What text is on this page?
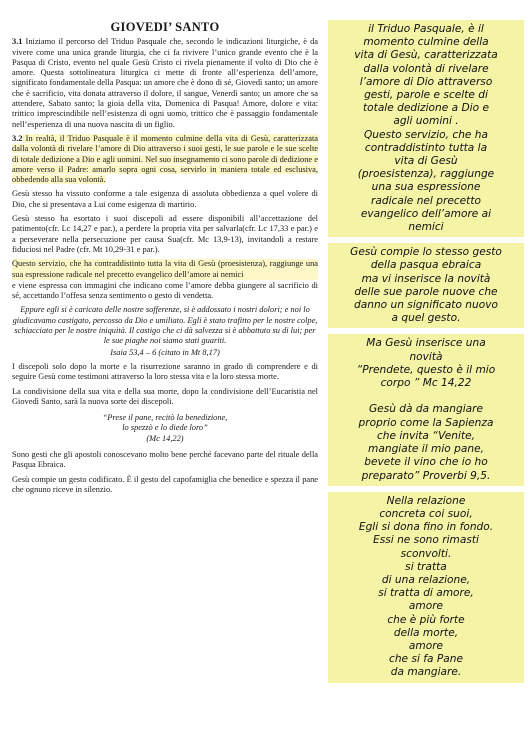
GIOVEDI’ SANTO

3.1 Iniziamo il percorso del Triduo Pasquale che, secondo le indicazioni liturgiche, è da vivere come una unica grande liturgia, che ci fa rivivere l’unico grande evento che è la Pasqua di Cristo, evento nel quale Gesù Cristo ci rivela pienamente il volto di Dio che è amore. Questa sottolineatura liturgica ci mette di fronte all’esperienza dell’amore, significato fondamentale della Pasqua: un amore che è dono di sé, Giovedì santo; un amore che è sacrificio, vita donata attraverso il dolore, il sangue, Venerdì santo; un amore che sa attendere, Sabato santo; la gioia della vita, Domenica di Pasqua! Amore, dolore e vita: trittico imprescindibile nell’esistenza di ogni uomo, trittico che è passaggio fondamentale nell’esperienza di una nuova nascita di un figlio.

3.2 In realtà, il Triduo Pasquale è il momento culmine della vita di Gesù, caratterizzata dalla volontà di rivelare l’amore di Dio attraverso i suoi gesti, le sue parole e le sue scelte di totale dedizione a Dio e agli uomini. Nel suo insegnamento ci sono parole di dedizione e amore verso il Padre: amarlo sopra ogni cosa, servirlo in maniera totale ed esclusiva, obbedendo alla sua volontà.

Gesù stesso ha vissuto conforme a tale esigenza di assoluta obbedienza a quel volere di Dio, che si presentava a Lui come esigenza di martirio.

Gesù stesso ha esortato i suoi discepoli ad essere disponibili all’accettazione del patimento(cfr. Lc 14,27 e par.), a perdere la propria vita per salvarla(cfr. Lc 17,33 e par.) e a perseverare nella persecuzione per causa Sua(cfr. Mc 13,9-13), invitandoli a restare fiduciosi nel Padre (cfr. Mt 10,29-31 e par.).

Questo servizio, che ha contraddistinto tutta la vita di Gesù (proesistenza), raggiunge una sua espressione radicale nel precetto evangelico dell’amore ai nemici

e viene espressa con immagini che indicano come l’amore debba giungere al sacrificio di sé, accettando l’offesa senza sentimento o gesto di vendetta.

Eppure egli si è caricato delle nostre sofferenze, si è addossato i nostri dolori; e noi lo giudicavamo castigato, percosso da Dio e umiliato. Egli è stato trafitto per le nostre colpe, schiacciato per le nostre iniquità. Il castigo che ci dà salvezza si è abbattuto su di lui; per le sue piaghe noi siamo stati guariti.

Isaia 53,4 – 6 (citato in Mt 8,17)

I discepoli solo dopo la morte e la risurrezione saranno in grado di comprendere e di seguire Gesù come testimoni attraverso la loro stessa vita e la loro stessa morte.

La condivisione della sua vita e della sua morte, dopo la condivisione dell’Eucaristia nel Giovedì Santo, sarà la nuova sorte dei discepoli.

“Prese il pane, recitò la benedizione,
lo spezzò e lo diede loro”
(Mc 14,22)

Sono gesti che gli apostoli conoscevano molto bene perché facevano parte del rituale della Pasqua Ebraica.

Gesù compie un gesto codificato. È il gesto del capofamiglia che benedice e spezza il pane che ognuno riceve in silenzio.

il Triduo Pasquale, è il
momento culmine della
vita di Gesù, caratterizzata
dalla volontà di rivelare
l’amore di Dio attraverso
gesti, parole e scelte di
totale dedizione a Dio e
agli uomini .
Questo servizio, che ha
contraddistinto tutta la
vita di Gesù
(proesistenza), raggiunge
una sua espressione
radicale nel precetto
evangelico dell’amore ai
nemici
Gesù compie lo stesso gesto
della pasqua ebraica
ma vi inserisce la novità
delle sue parole nuove che
danno un significato nuovo
a quel gesto.
Ma Gesù inserisce una
novità
“Prendete, questo è il mio
corpo ” Mc 14,22

Gesù dà da mangiare
proprio come la Sapienza
che invita “Venite,
mangiate il mio pane,
bevete il vino che io ho
preparato” Proverbi 9,5.
Nella relazione
concreta coi suoi,
Egli si dona fino in fondo.
Essi ne sono rimasti
sconvolti.
si tratta
di una relazione,
si tratta di amore,
amore
che è più forte
della morte,
amore
che si fa Pane
da mangiare.
